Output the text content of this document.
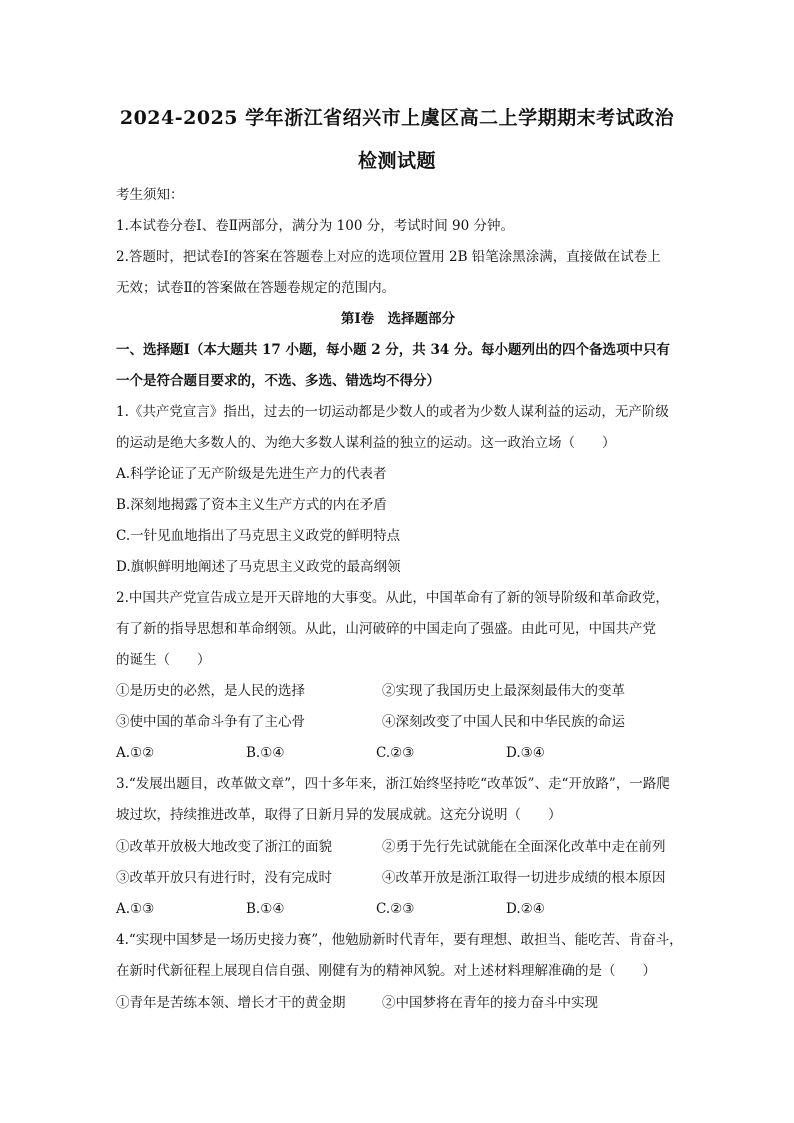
2024-2025 学年浙江省绍兴市上虞区高二上学期期末考试政治
检测试题
考生须知：
1.本试卷分卷Ⅰ、卷Ⅱ两部分，满分为 100 分，考试时间 90 分钟。
2.答题时，把试卷Ⅰ的答案在答题卷上对应的选项位置用 2B 铅笔涂黑涂满，直接做在试卷上
无效；试卷Ⅱ的答案做在答题卷规定的范围内。
第Ⅰ卷　选择题部分
一、选择题Ⅰ（本大题共 17 小题，每小题 2 分，共 34 分。每小题列出的四个备选项中只有
一个是符合题目要求的，不选、多选、错选均不得分）
1.《共产党宣言》指出，过去的一切运动都是少数人的或者为少数人谋利益的运动，无产阶级
的运动是绝大多数人的、为绝大多数人谋利益的独立的运动。这一政治立场（　　）
A.科学论证了无产阶级是先进生产力的代表者
B.深刻地揭露了资本主义生产方式的内在矛盾
C.一针见血地指出了马克思主义政党的鲜明特点
D.旗帜鲜明地阐述了马克思主义政党的最高纲领
2.中国共产党宣告成立是开天辟地的大事变。从此，中国革命有了新的领导阶级和革命政党，
有了新的指导思想和革命纲领。从此，山河破碎的中国走向了强盛。由此可见，中国共产党
的诞生（　　）
①是历史的必然，是人民的选择	②实现了我国历史上最深刻最伟大的变革
③使中国的革命斗争有了主心骨	④深刻改变了中国人民和中华民族的命运
A.①②	B.①④	C.②③	D.③④
3.“发展出题目，改革做文章”，四十多年来，浙江始终坚持吃“改革饭”、走“开放路”，一路爬
坡过坎，持续推进改革，取得了日新月异的发展成就。这充分说明（　　）
①改革开放极大地改变了浙江的面貌	②勇于先行先试就能在全面深化改革中走在前列
③改革开放只有进行时，没有完成时	④改革开放是浙江取得一切进步成绩的根本原因
A.①③	B.①④	C.②③	D.②④
4.“实现中国梦是一场历史接力赛”，他勉励新时代青年，要有理想、敢担当、能吃苦、肯奋斗，
在新时代新征程上展现自信自强、刚健有为的精神风貌。对上述材料理解准确的是（　　）
①青年是苦练本领、增长才干的黄金期	②中国梦将在青年的接力奋斗中实现
